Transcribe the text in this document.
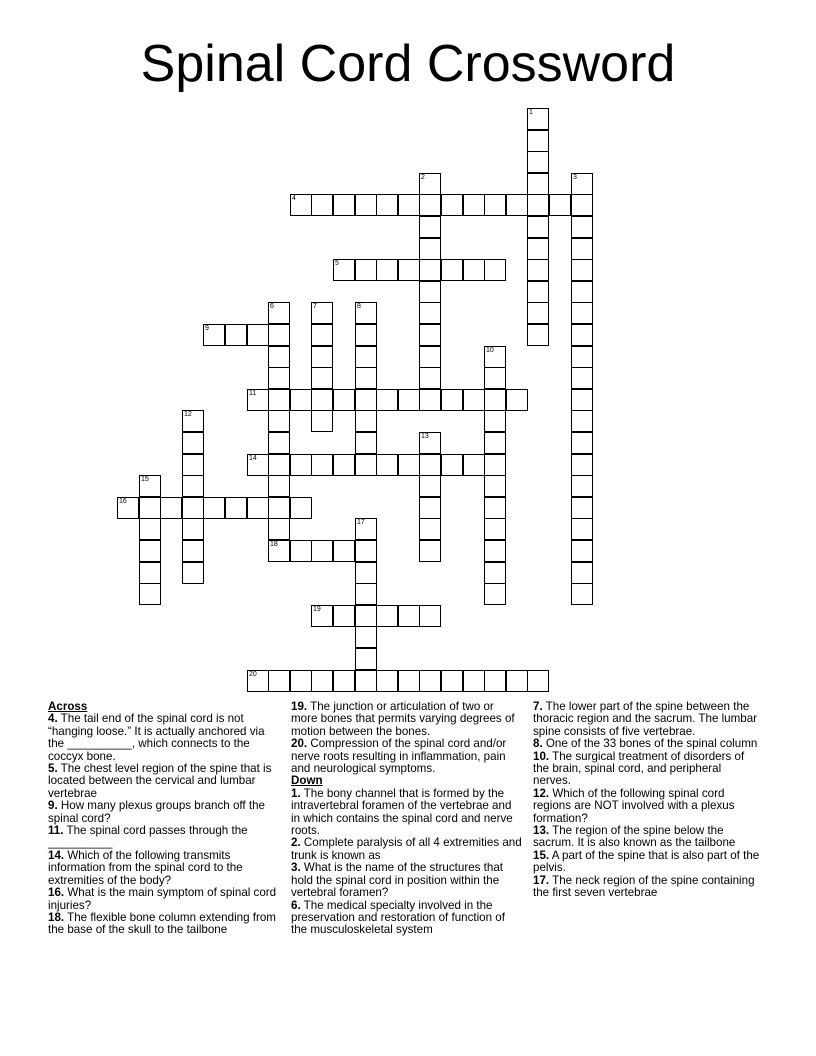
Spinal Cord Crossword
1
2	3
4
5
6
18
7	8
9
10
11
12
13
14
15
16
17
19
20
Across
4. The tail end of the spinal cord is not “hanging loose.” It is actually anchored via the __________, which connects to the coccyx bone.
5. The chest level region of the spine that is located between the cervical and lumbar vertebrae
9. How many plexus groups branch off the spinal cord?
11. The spinal cord passes through the __________
14. Which of the following transmits information from the spinal cord to the extremities of the body?
16. What is the main symptom of spinal cord injuries?
18. The flexible bone column extending from the base of the skull to the tailbone
19. The junction or articulation of two or more bones that permits varying degrees of motion between the bones.
20. Compression of the spinal cord and/or nerve roots resulting in inflammation, pain and neurological symptoms.
Down
1. The bony channel that is formed by the intravertebral foramen of the vertebrae and in which contains the spinal cord and nerve roots.
2. Complete paralysis of all 4 extremities and trunk is known as
3. What is the name of the structures that hold the spinal cord in position within the vertebral foramen?
6. The medical specialty involved in the preservation and restoration of function of the musculoskeletal system
7. The lower part of the spine between the thoracic region and the sacrum. The lumbar spine consists of five vertebrae.
8. One of the 33 bones of the spinal column
10. The surgical treatment of disorders of the brain, spinal cord, and peripheral nerves.
12. Which of the following spinal cord regions are NOT involved with a plexus formation?
13. The region of the spine below the sacrum. It is also known as the tailbone
15. A part of the spine that is also part of the pelvis.
17. The neck region of the spine containing the first seven vertebrae
